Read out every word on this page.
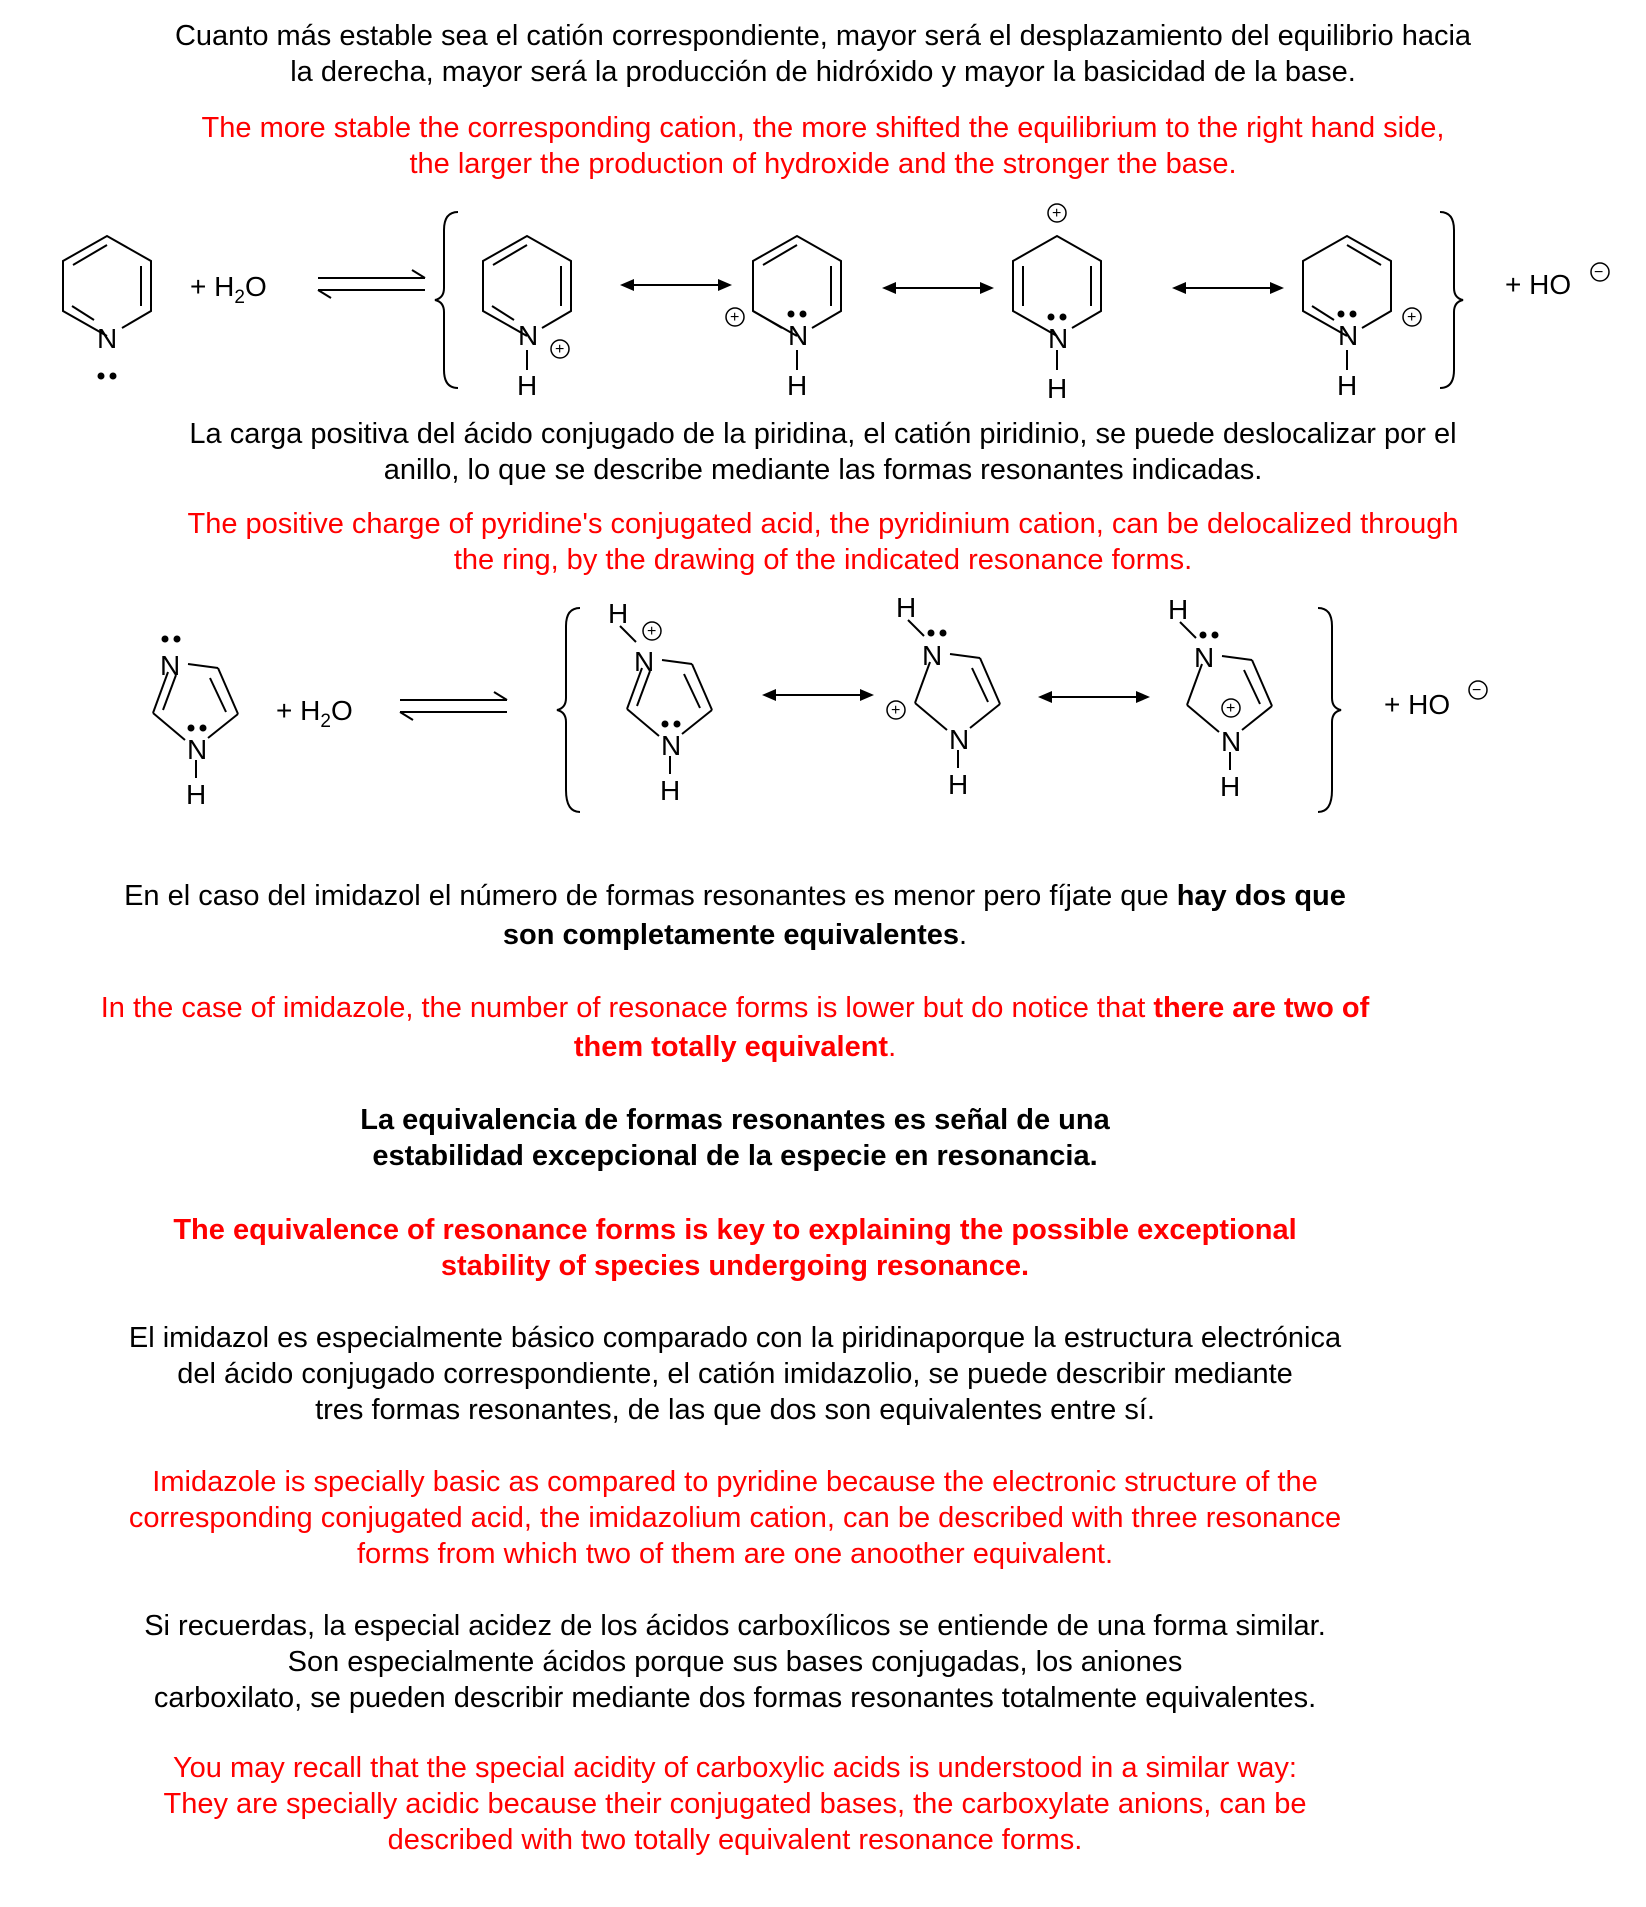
Cuanto más estable sea el catión correspondiente, mayor será el desplazamiento del equilibrio hacia
la derecha, mayor será la producción de hidróxido y mayor la basicidad de la base.
The more stable the corresponding cation, the more shifted the equilibrium to the right hand side,
the larger the production of hydroxide and the stronger the base.
N
+ $H_2O$
N
H
+	N
H
+
N
H
+
N
H
+
+ HO −
La carga positiva del ácido conjugado de la piridina, el catión piridinio, se puede deslocalizar por el
anillo, lo que se describe mediante las formas resonantes indicadas.
The positive charge of pyridine's conjugated acid, the pyridinium cation, can be delocalized through
the ring, by the drawing of the indicated resonance forms.
N
N
H
+ $H_2O$
H
N
+
N
H
H
N
N
H
+
H
N
N
H
+	+ HO −
En el caso del imidazol el número de formas resonantes es menor pero fíjate que hay dos que
son completamente equivalentes.
In the case of imidazole, the number of resonace forms is lower but do notice that there are two of
them totally equivalent.
La equivalencia de formas resonantes es señal de una
estabilidad excepcional de la especie en resonancia.
The equivalence of resonance forms is key to explaining the possible exceptional
stability of species undergoing resonance.
El imidazol es especialmente básico comparado con la piridinaporque la estructura electrónica
del ácido conjugado correspondiente, el catión imidazolio, se puede describir mediante
tres formas resonantes, de las que dos son equivalentes entre sí.
Imidazole is specially basic as compared to pyridine because the electronic structure of the
corresponding conjugated acid, the imidazolium cation, can be described with three resonance
forms from which two of them are one anoother equivalent.
Si recuerdas, la especial acidez de los ácidos carboxílicos se entiende de una forma similar.
Son especialmente ácidos porque sus bases conjugadas, los aniones
carboxilato, se pueden describir mediante dos formas resonantes totalmente equivalentes.
You may recall that the special acidity of carboxylic acids is understood in a similar way:
They are specially acidic because their conjugated bases, the carboxylate anions, can be
described with two totally equivalent resonance forms.
